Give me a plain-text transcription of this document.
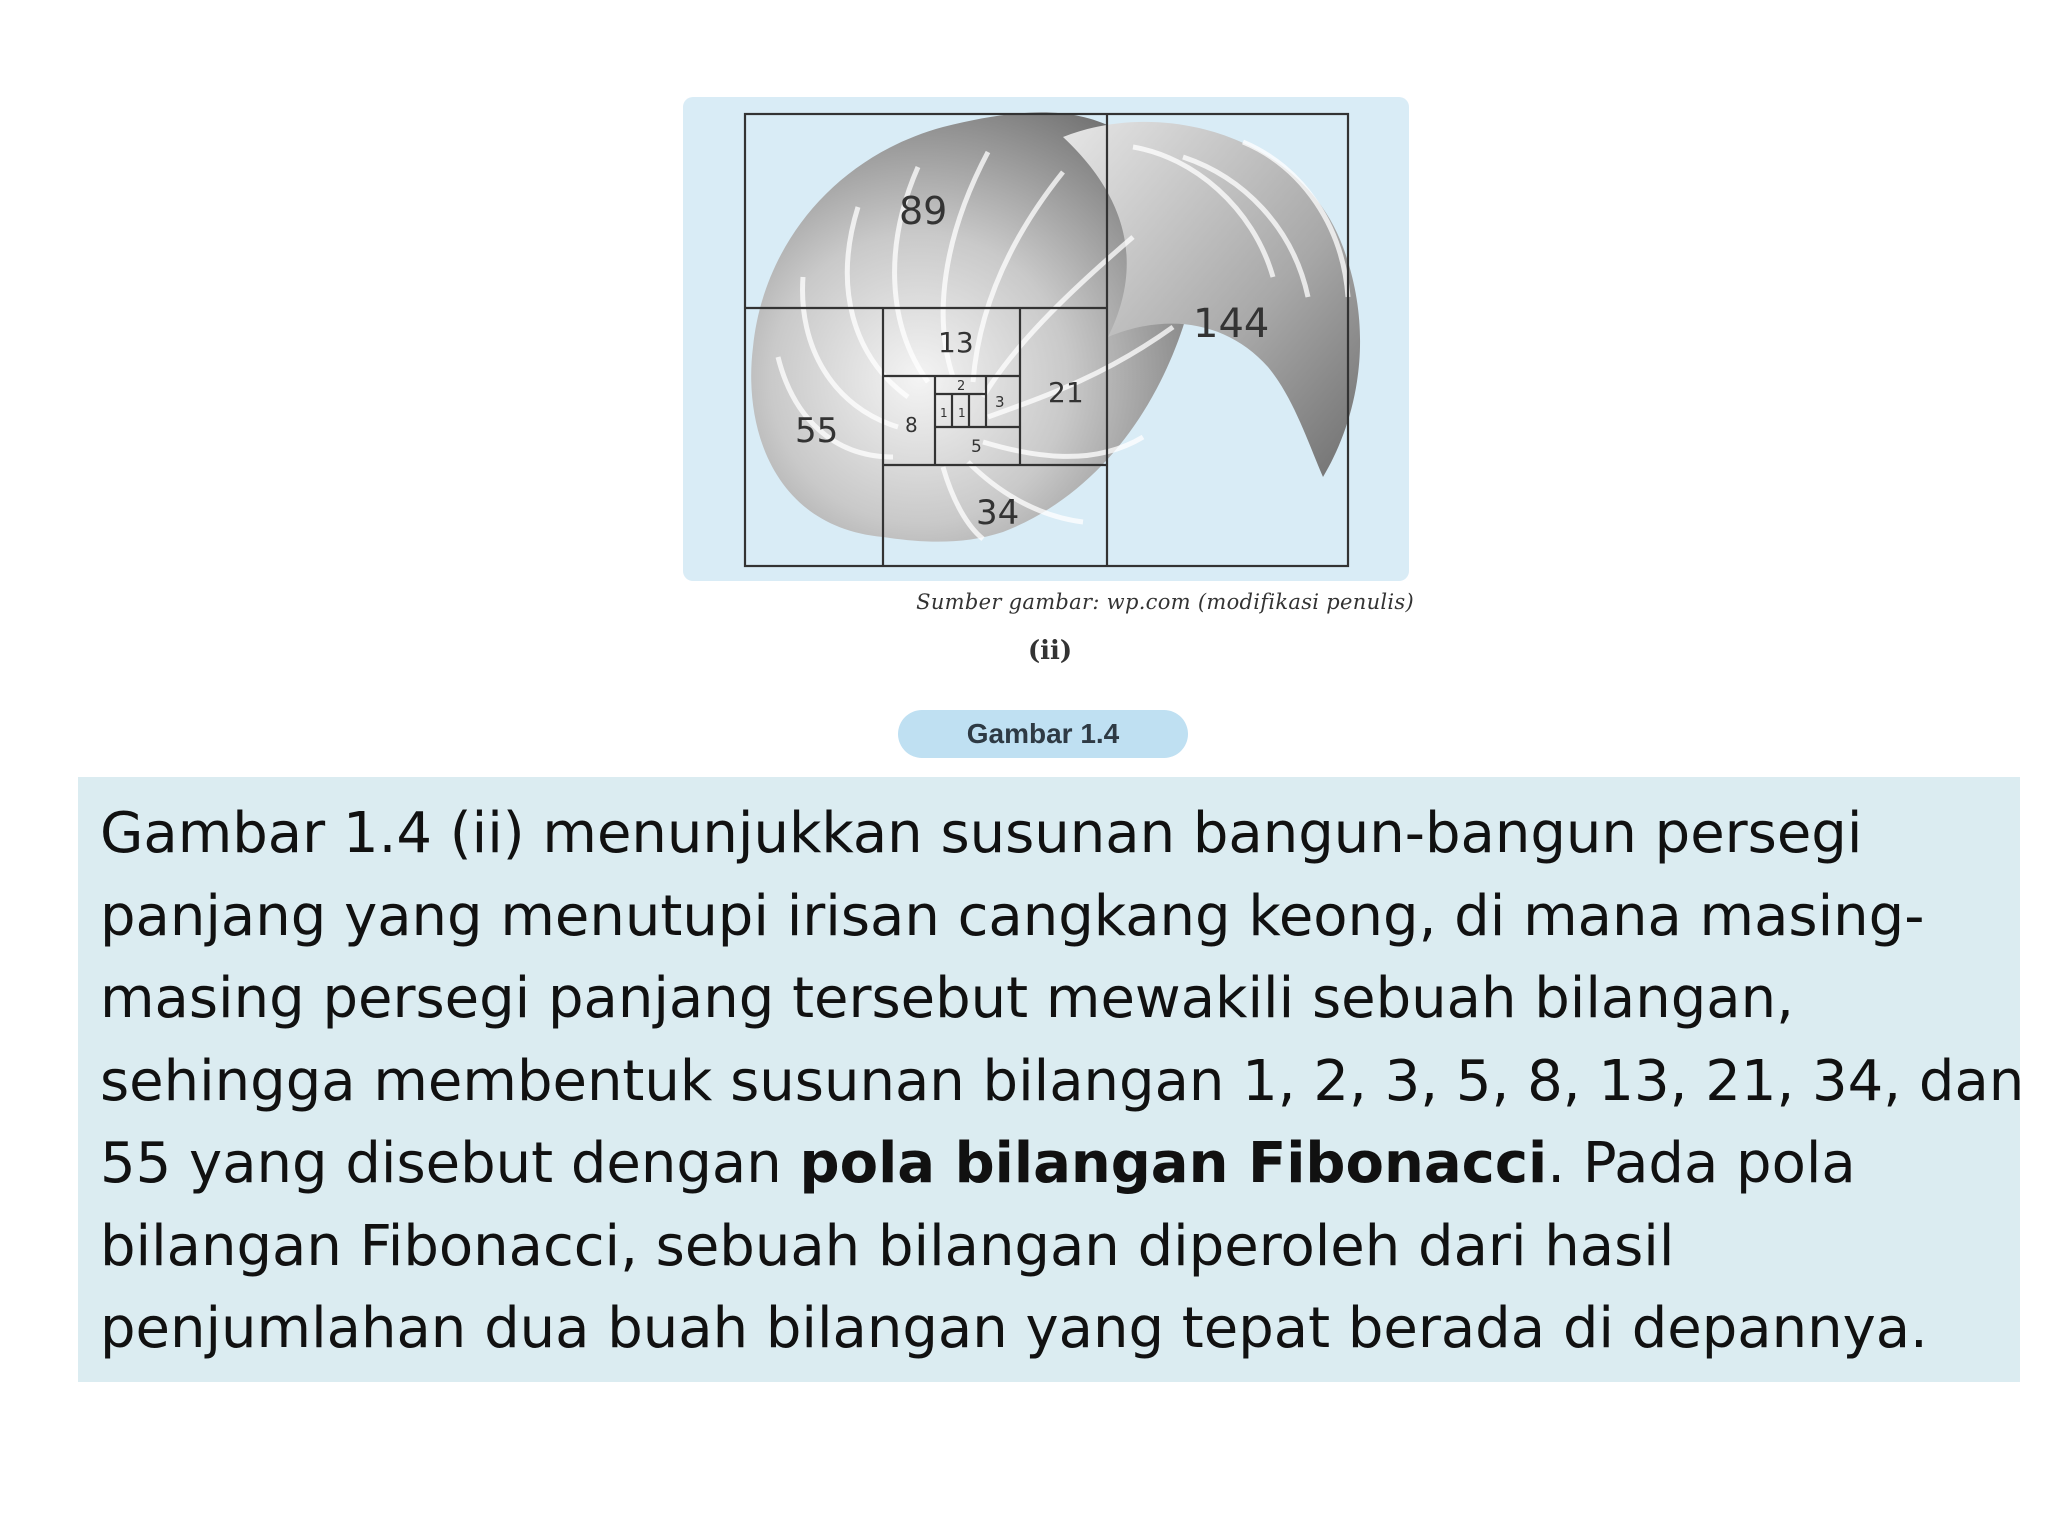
89
144
13
21
55	8
2
1 1
3
5
34
Sumber gambar: wp.com (modifikasi penulis)
(ii)
Gambar 1.4

Gambar 1.4 (ii) menunjukkan susunan bangun-bangun persegi
panjang yang menutupi irisan cangkang keong, di mana masing-
masing persegi panjang tersebut mewakili sebuah bilangan,
sehingga membentuk susunan bilangan 1, 2, 3, 5, 8, 13, 21, 34, dan
55 yang disebut dengan pola bilangan Fibonacci. Pada pola
bilangan Fibonacci, sebuah bilangan diperoleh dari hasil
penjumlahan dua buah bilangan yang tepat berada di depannya.
